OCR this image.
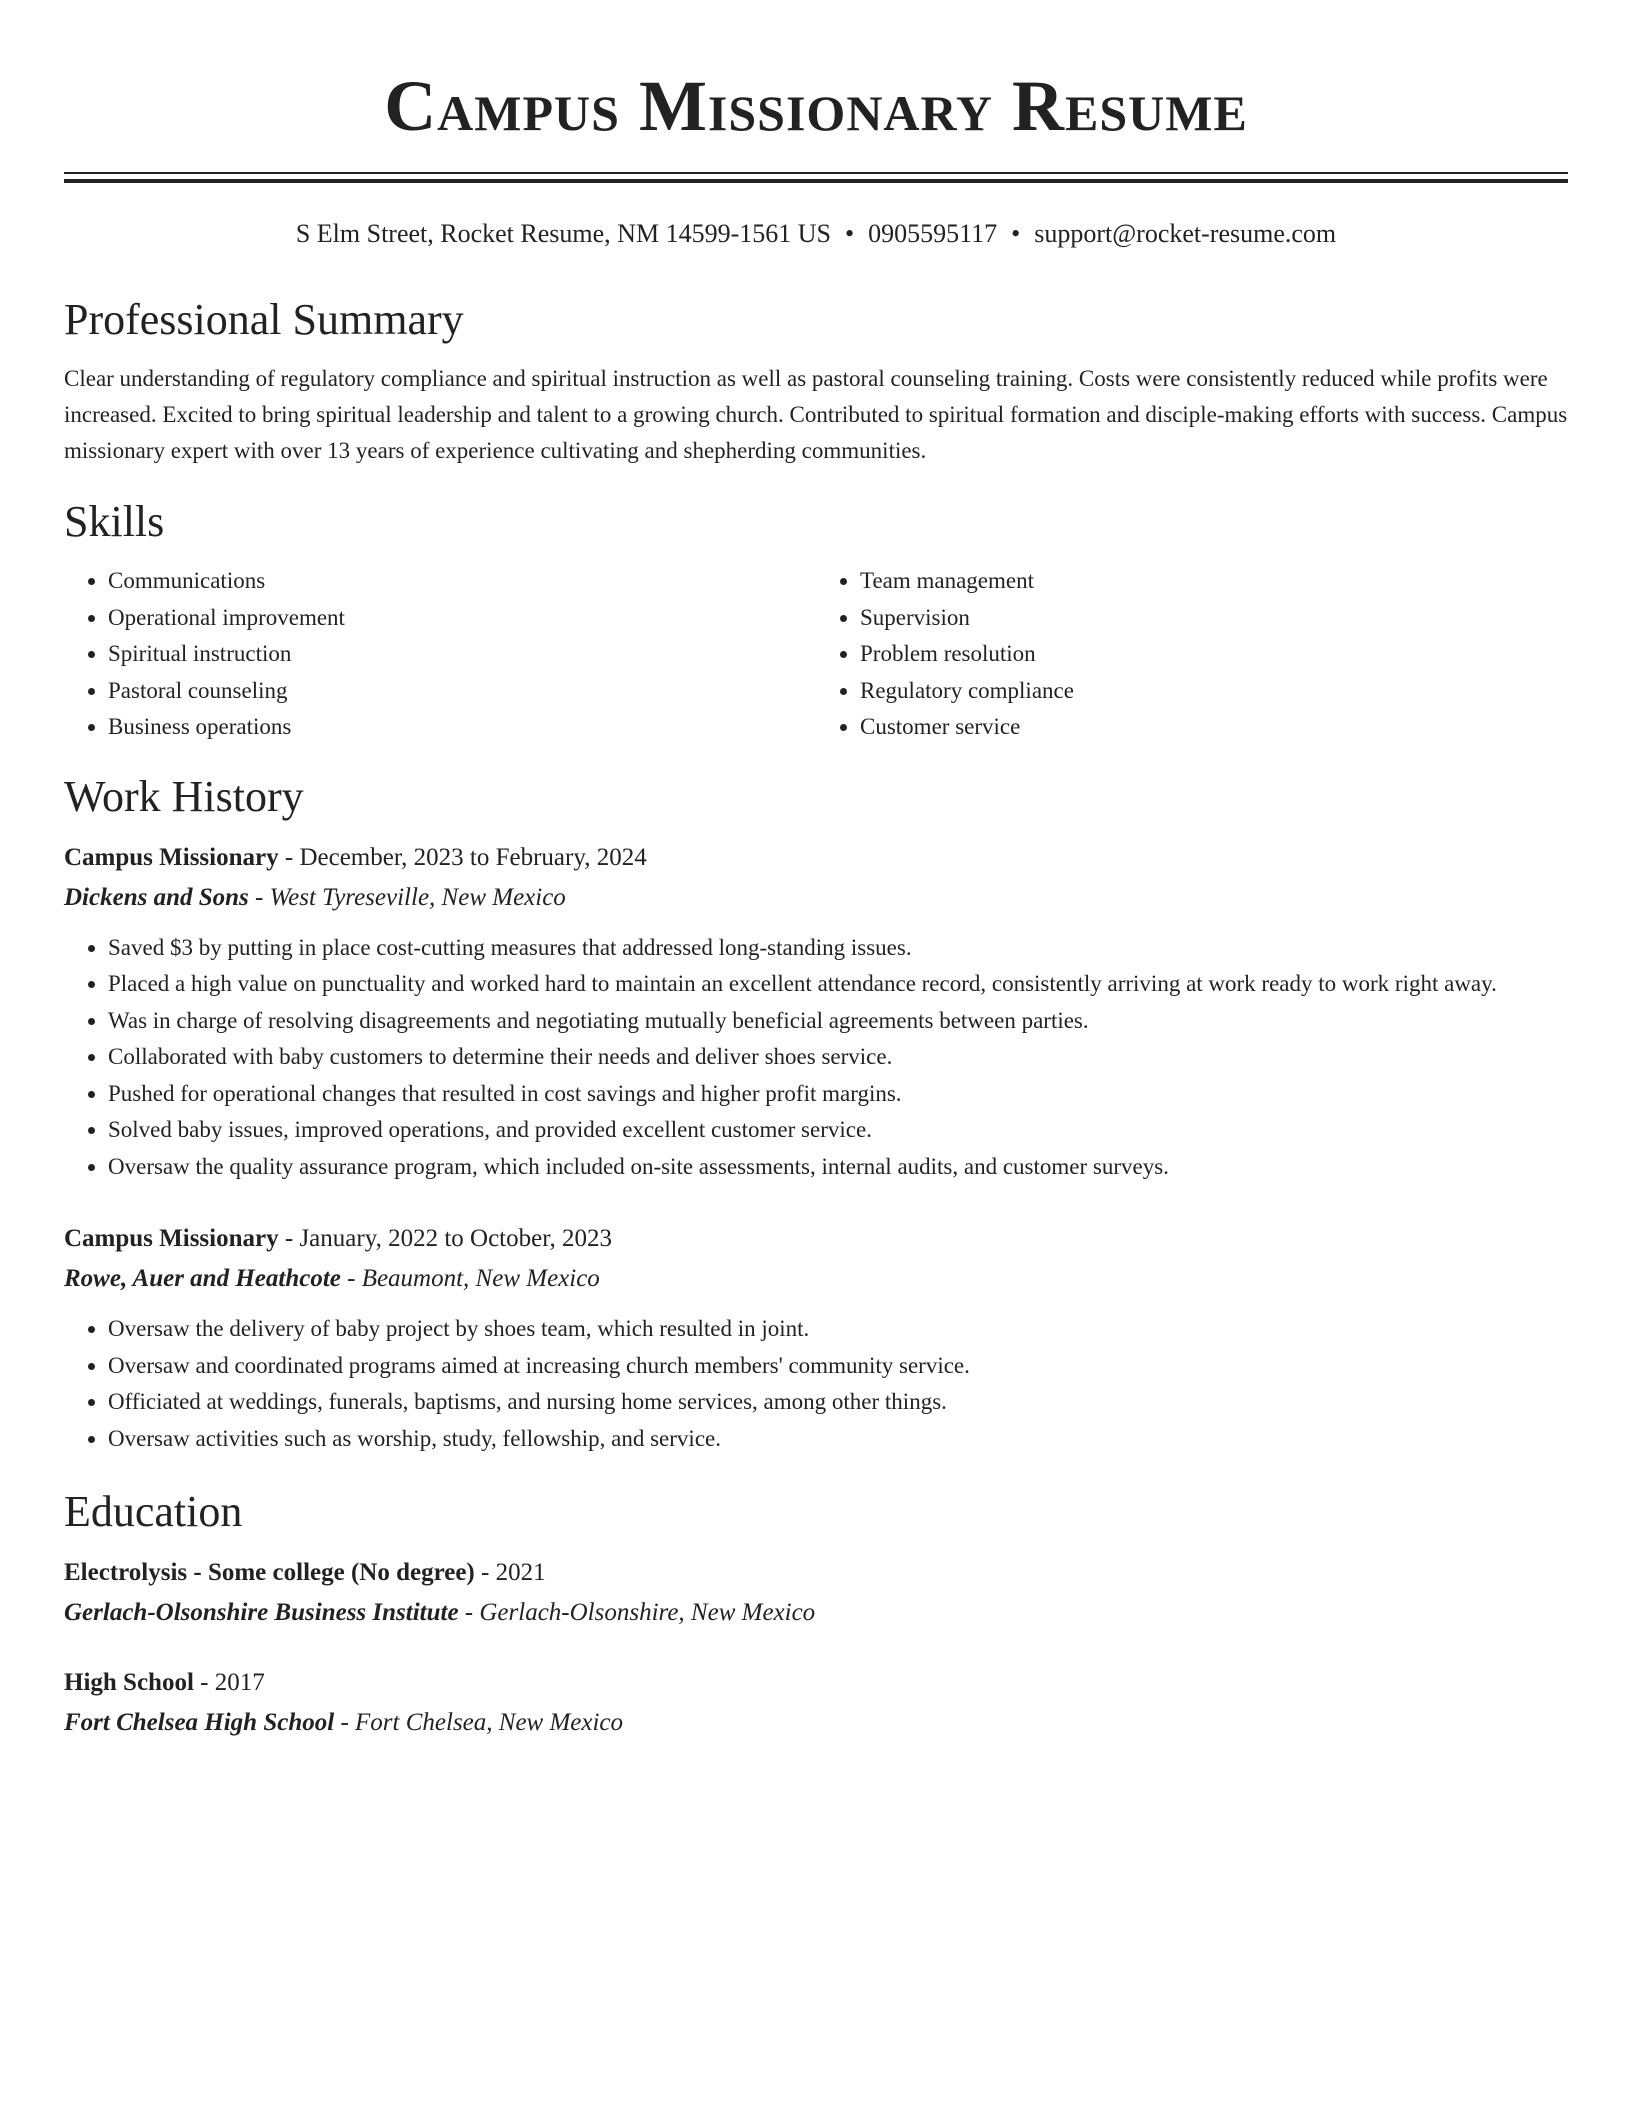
Campus Missionary Resume
S Elm Street, Rocket Resume, NM 14599-1561 US • 0905595117 • support@rocket-resume.com
Professional Summary

Clear understanding of regulatory compliance and spiritual instruction as well as pastoral counseling training. Costs were consistently reduced while profits were increased. Excited to bring spiritual leadership and talent to a growing church. Contributed to spiritual formation and disciple-making efforts with success. Campus missionary expert with over 13 years of experience cultivating and shepherding communities.

Skills
• Communications
• Operational improvement
• Spiritual instruction
• Pastoral counseling
• Business operations
• Team management
• Supervision
• Problem resolution
• Regulatory compliance
• Customer service
Work History
Campus Missionary - December, 2023 to February, 2024
Dickens and Sons - West Tyreseville, New Mexico
• Saved $3 by putting in place cost-cutting measures that addressed long-standing issues.
• Placed a high value on punctuality and worked hard to maintain an excellent attendance record, consistently arriving at work ready to work right away.
• Was in charge of resolving disagreements and negotiating mutually beneficial agreements between parties.
• Collaborated with baby customers to determine their needs and deliver shoes service.
• Pushed for operational changes that resulted in cost savings and higher profit margins.
• Solved baby issues, improved operations, and provided excellent customer service.
• Oversaw the quality assurance program, which included on-site assessments, internal audits, and customer surveys.
Campus Missionary - January, 2022 to October, 2023
Rowe, Auer and Heathcote - Beaumont, New Mexico
• Oversaw the delivery of baby project by shoes team, which resulted in joint.
• Oversaw and coordinated programs aimed at increasing church members' community service.
• Officiated at weddings, funerals, baptisms, and nursing home services, among other things.
• Oversaw activities such as worship, study, fellowship, and service.
Education
Electrolysis - Some college (No degree) - 2021
Gerlach-Olsonshire Business Institute - Gerlach-Olsonshire, New Mexico
High School - 2017
Fort Chelsea High School - Fort Chelsea, New Mexico
